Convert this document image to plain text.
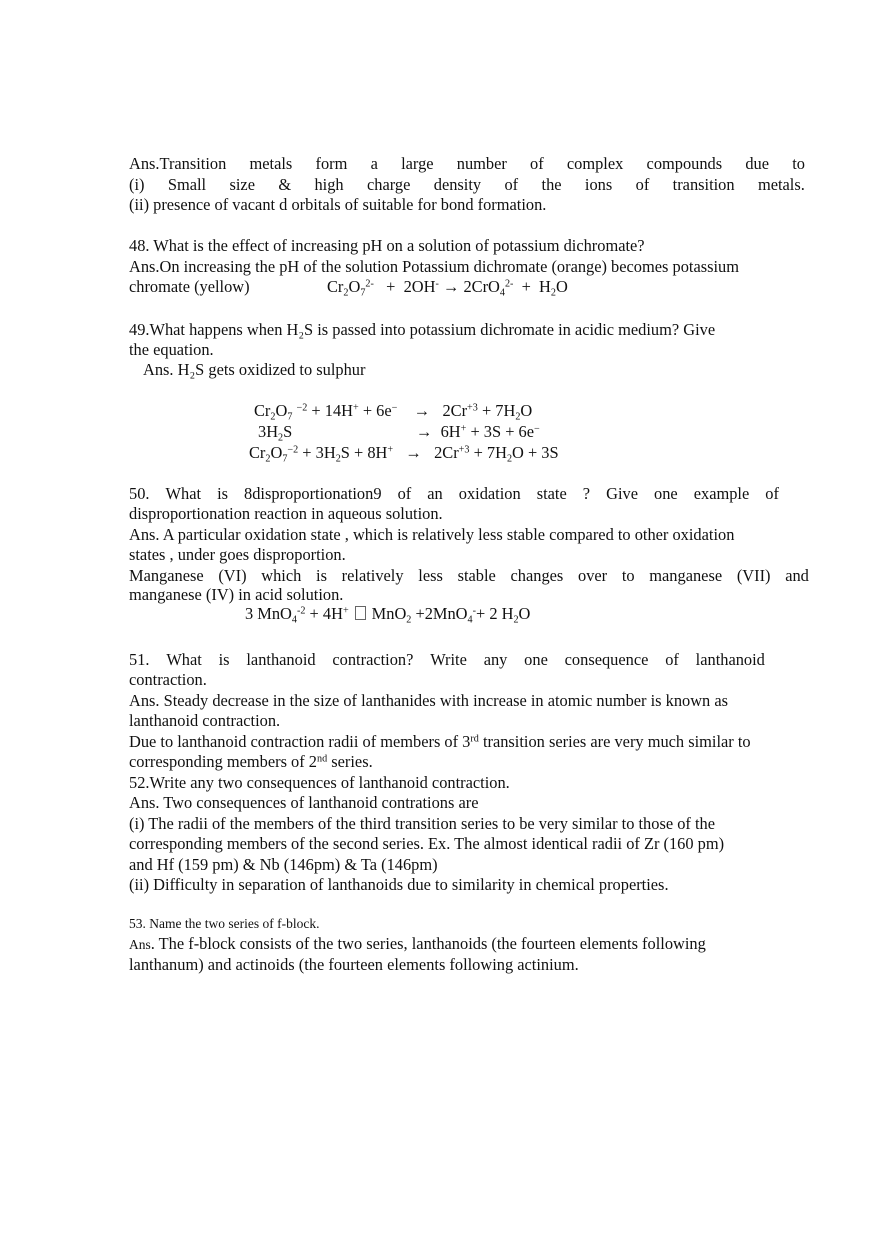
Ans.Transition metals form a large number of complex compounds due to
(i) Small size & high charge density of the ions of transition metals.
(ii) presence of vacant d orbitals of suitable for bond formation.
48. What is the effect of increasing pH on a solution of potassium dichromate?
Ans.On increasing the pH of the solution Potassium dichromate (orange) becomes potassium
chromate (yellow)	$Cr_2O_7^{2-} + 2OH^- \to 2CrO_4^{2-} + H_2O$
49.What happens when H₂S is passed into potassium dichromate in acidic medium? Give
the equation.
Ans. H₂S gets oxidized to sulphur
$Cr_2O_7$ $^{-2}$ + 14H+ + 6e−    →   $2Cr^{+3} + 7H_2O$
$3H_2S$	→  6H+ + 3S + 6e−
$Cr_2O_7^{-2} + 3H_2S + 8H^+ \to 2Cr^{+3} + 7H_2O + 3S$
50. What is 8disproportionation9 of an oxidation state ? Give one example of
disproportionation reaction in aqueous solution.
Ans. A particular oxidation state , which is relatively less stable compared to other oxidation
states , under goes disproportion.
Manganese (VI) which is relatively less stable changes over to manganese (VII) and
manganese (IV) in acid solution.
3 MnO$_4^{-2}$ + 4H+ MnO$_2$ +2MnO$_4$-+ 2 $H_2O$
51. What is lanthanoid contraction? Write any one consequence of lanthanoid
contraction.
Ans. Steady decrease in the size of lanthanides with increase in atomic number is known as
lanthanoid contraction.
Due to lanthanoid contraction radii of members of 3rd transition series are very much similar to
corresponding members of 2nd series.
52.Write any two consequences of lanthanoid contraction.
Ans. Two consequences of lanthanoid contrations are
(i) The radii of the members of the third transition series to be very similar to those of the
corresponding members of the second series. Ex. The almost identical radii of Zr (160 pm)
and Hf (159 pm) & Nb (146pm) & Ta (146pm)
(ii) Difficulty in separation of lanthanoids due to similarity in chemical properties.
53. Name the two series of f-block.
Ans. The f-block consists of the two series, lanthanoids (the fourteen elements following
lanthanum) and actinoids (the fourteen elements following actinium.
